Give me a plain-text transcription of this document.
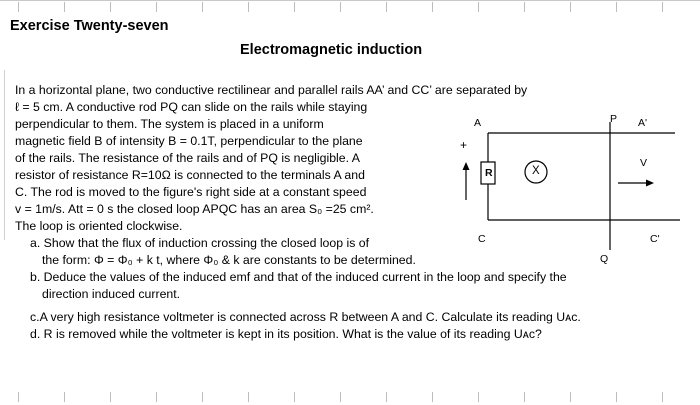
Exercise Twenty-seven
Electromagnetic induction
In a horizontal plane, two conductive rectilinear and parallel rails AA’ and CC’ are separated by
ℓ = 5 cm. A conductive rod PQ can slide on the rails while staying
perpendicular to them. The system is placed in a uniform
magnetic field B of intensity B = 0.1T, perpendicular to the plane
of the rails. The resistance of the rails and of PQ is negligible. A
resistor of resistance R=10Ω is connected to the terminals A and
C. The rod is moved to the figure's right side at a constant speed
v = 1m/s. Att = 0 s the closed loop APQC has an area S₀ =25 cm².
The loop is oriented clockwise.
a. Show that the flux of induction crossing the closed loop is of
the form: Φ = Φ₀ + k t, where Φ₀ & k are constants to be determined.
b. Deduce the values of the induced emf and that of the induced current in the loop and specify the
direction induced current.
c.A very high resistance voltmeter is connected across R between A and C. Calculate its reading Uᴀᴄ.
d. R is removed while the voltmeter is kept in its position. What is the value of its reading Uᴀᴄ?
A	P A'
+
R	X
V
C
Q
C'
